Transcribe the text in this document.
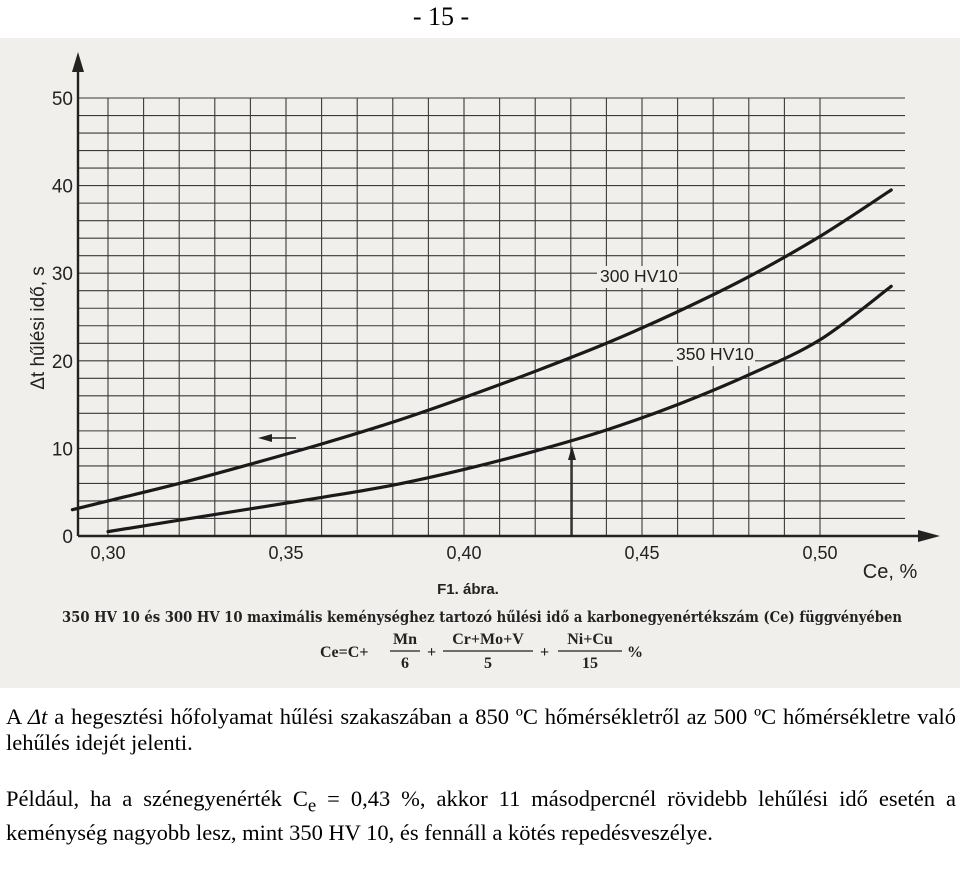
- 15 -
0
10
20
30
40
50
0,30	0,35	0,40	0,45	0,50
300 HV10
350 HV10
Δt hűlési idő, s
Ce, %
F1. ábra.
350 HV 10 és 300 HV 10 maximális keménységhez tartozó hűlési idő a karbonegyenértékszám (Ce) függvényében
Ce=C+
Mn
6
+
Cr+Mo+V
5
+
Ni+Cu
15
%
A Δt a hegesztési hőfolyamat hűlési szakaszában a 850 ºC hőmérsékletről az 500 ºC hőmérsékletre való lehűlés idejét jelenti.
Például, ha a szénegyenérték $C_e = 0,43$ %, akkor 11 másodpercnél rövidebb lehűlési idő esetén a keménység nagyobb lesz, mint 350 HV 10, és fennáll a kötés repedésveszélye.
